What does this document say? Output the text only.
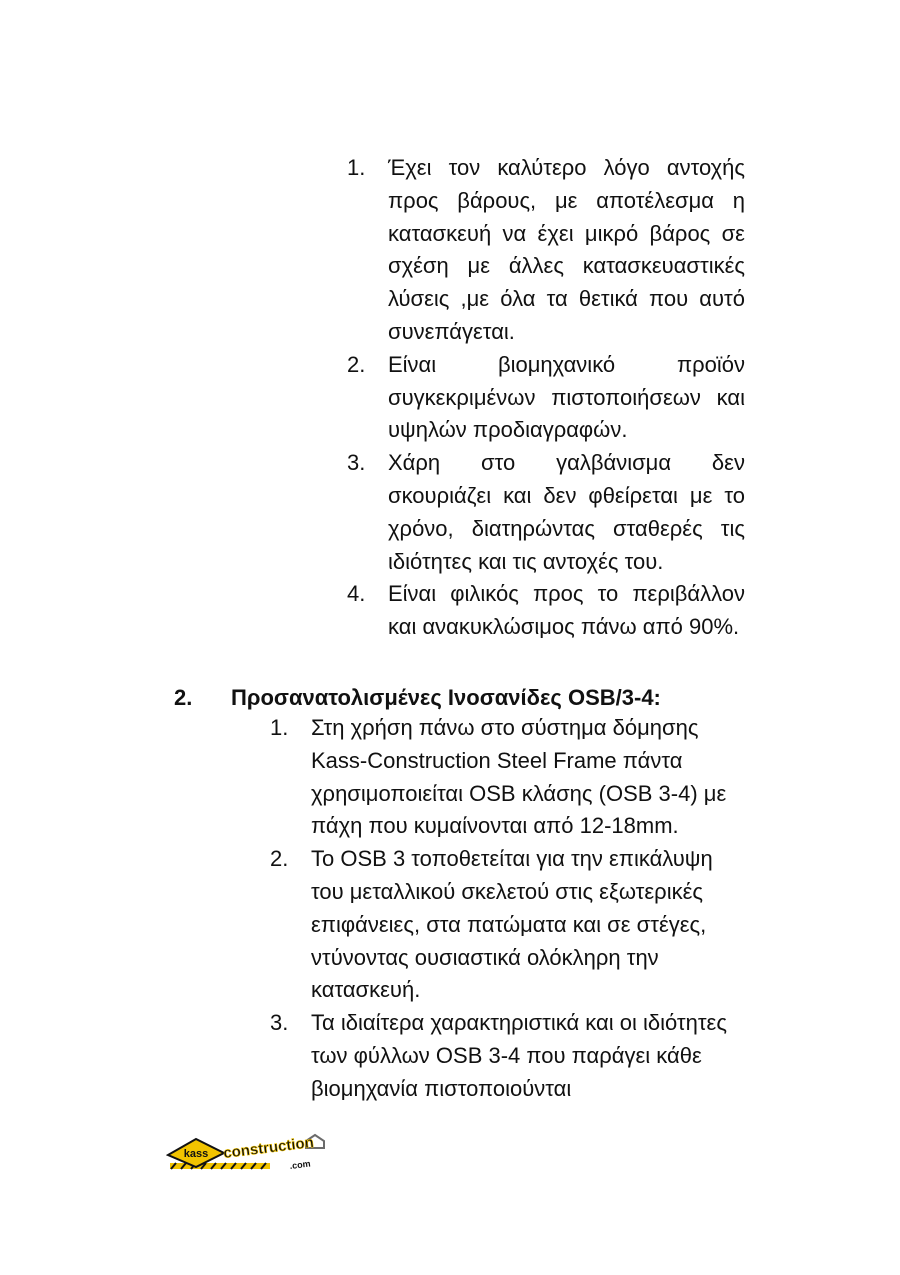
1. Έχει τον καλύτερο λόγο αντοχής προς βάρους, με αποτέλεσμα η κατασκευή να έχει μικρό βάρος σε σχέση με άλλες κατασκευαστικές λύσεις ,με όλα τα θετικά που αυτό συνεπάγεται.
2. Είναι βιομηχανικό προϊόν συγκεκριμένων πιστοποιήσεων και υψηλών προδιαγραφών.
3. Χάρη στο γαλβάνισμα δεν σκουριάζει και δεν φθείρεται με το χρόνο, διατηρώντας σταθερές τις ιδιότητες και τις αντοχές του.
4. Είναι φιλικός προς το περιβάλλον και ανακυκλώσιμος πάνω από 90%.
2. Προσανατολισμένες Ινοσανίδες OSB/3-4:
1. Στη χρήση πάνω στο σύστημα δόμησης Kass-Construction Steel Frame πάντα χρησιμοποιείται OSB κλάσης (OSB 3-4) με πάχη που κυμαίνονται από 12-18mm.
2. Το OSB 3 τοποθετείται για την επικάλυψη του μεταλλικού σκελετού στις εξωτερικές επιφάνειες, στα πατώματα και σε στέγες, ντύνοντας ουσιαστικά ολόκληρη την κατασκευή.
3. Τα ιδιαίτερα χαρακτηριστικά και οι ιδιότητες των φύλλων OSB 3-4 που παράγει κάθε βιομηχανία πιστοποιούνται
kass construction
.com
